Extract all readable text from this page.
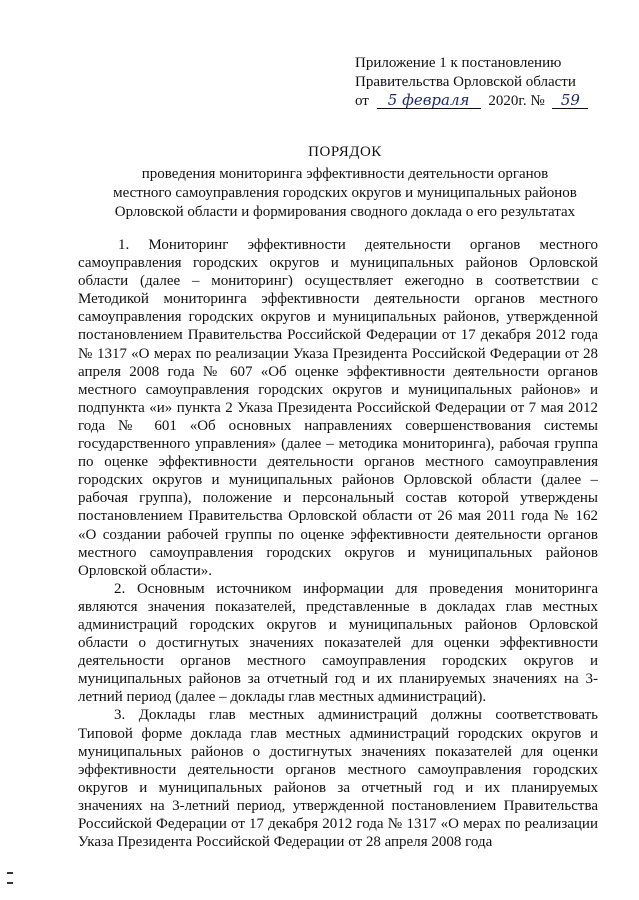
Приложение 1 к постановлению
Правительства Орловской области
от 5 февраля 2020г. № 59
ПОРЯДОК
проведения мониторинга эффективности деятельности органов
местного самоуправления городских округов и муниципальных районов
Орловской области и формирования сводного доклада о его результатах

1. Мониторинг эффективности деятельности органов местного самоуправления городских округов и муниципальных районов Орловской области (далее – мониторинг) осуществляет ежегодно в соответствии с Методикой мониторинга эффективности деятельности органов местного самоуправления городских округов и муниципальных районов, утвержденной постановлением Правительства Российской Федерации от 17 декабря 2012 года № 1317 «О мерах по реализации Указа Президента Российской Федерации от 28 апреля 2008 года № 607 «Об оценке эффективности деятельности органов местного самоуправления городских округов и муниципальных районов» и подпункта «и» пункта 2 Указа Президента Российской Федерации от 7 мая 2012 года № 601 «Об основных направлениях совершенствования системы государственного управления» (далее – методика мониторинга), рабочая группа по оценке эффективности деятельности органов местного самоуправления городских округов и муниципальных районов Орловской области (далее – рабочая группа), положение и персональный состав которой утверждены постановлением Правительства Орловской области от 26 мая 2011 года № 162 «О создании рабочей группы по оценке эффективности деятельности органов местного самоуправления городских округов и муниципальных районов Орловской области».

2. Основным источником информации для проведения мониторинга являются значения показателей, представленные в докладах глав местных администраций городских округов и муниципальных районов Орловской области о достигнутых значениях показателей для оценки эффективности деятельности органов местного самоуправления городских округов и муниципальных районов за отчетный год и их планируемых значениях на 3-летний период (далее – доклады глав местных администраций).

3. Доклады глав местных администраций должны соответствовать Типовой форме доклада глав местных администраций городских округов и муниципальных районов о достигнутых значениях показателей для оценки эффективности деятельности органов местного самоуправления городских округов и муниципальных районов за отчетный год и их планируемых значениях на 3-летний период, утвержденной постановлением Правительства Российской Федерации от 17 декабря 2012 года № 1317 «О мерах по реализации Указа Президента Российской Федерации от 28 апреля 2008 года
